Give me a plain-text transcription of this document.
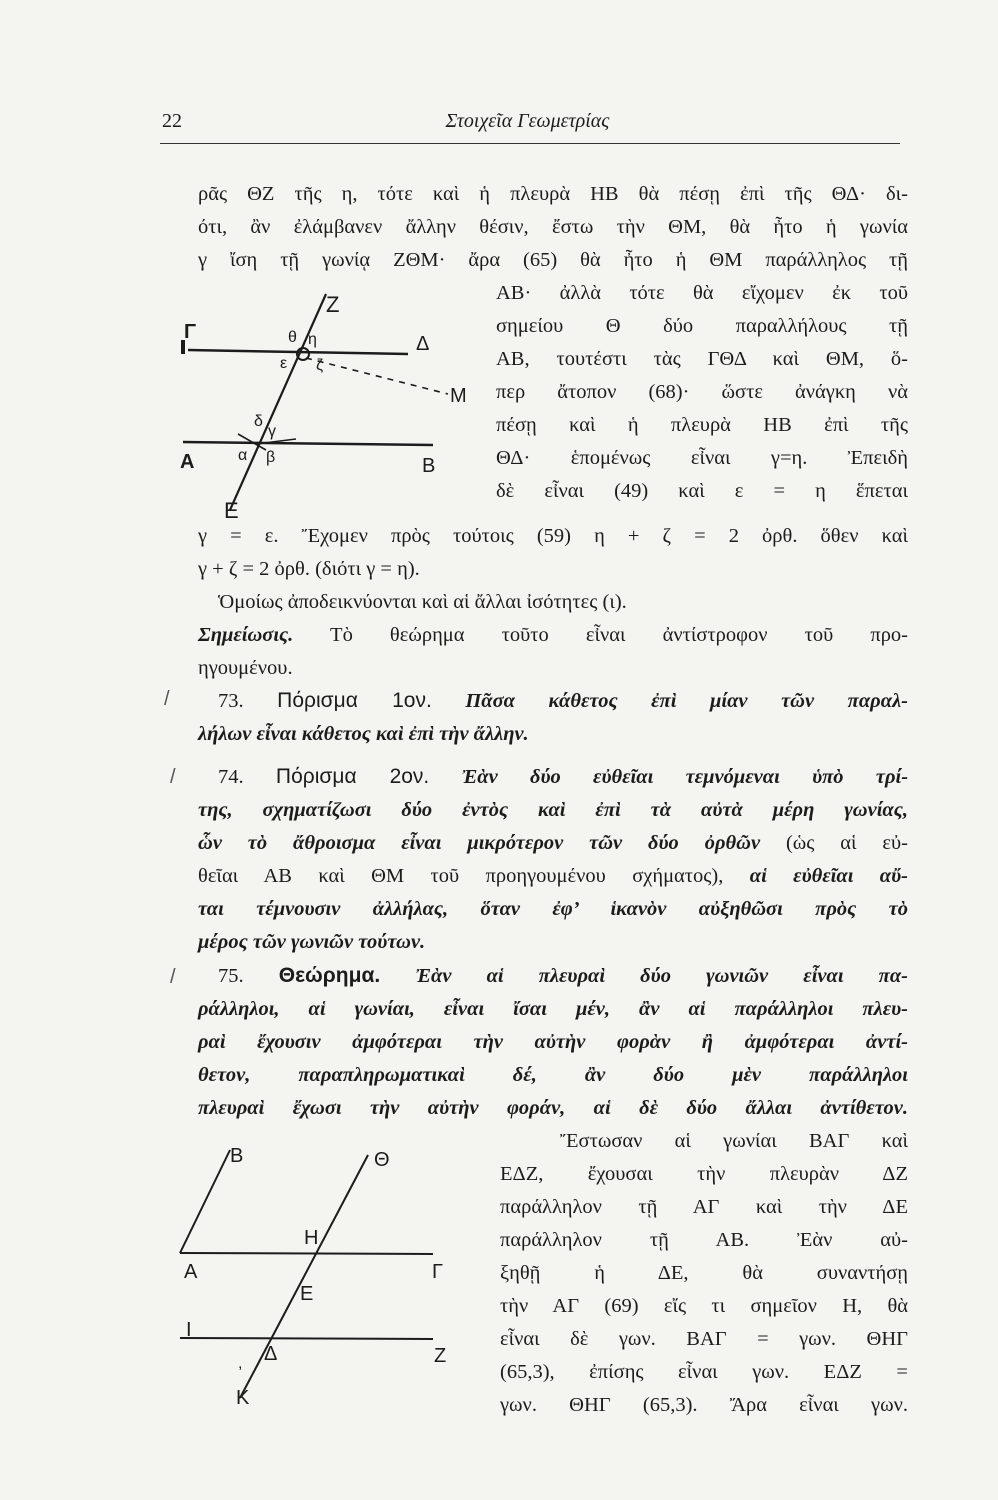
22	Στοιχεῖα Γεωμετρίας
ρᾶς ΘΖ τῆς η, τότε καὶ ἡ πλευρὰ ΗΒ θὰ πέσῃ ἐπὶ τῆς ΘΔ· δι-
ότι, ἂν ἐλάμβανεν ἄλλην θέσιν, ἔστω τὴν ΘΜ, θὰ ἦτο ἡ γωνία
γ ἴση τῇ γωνίᾳ ΖΘΜ· ἄρα (65) θὰ ἦτο ἡ ΘΜ παράλληλος τῇ
ΑΒ· ἀλλὰ τότε θὰ εἴχομεν ἐκ τοῦ
σημείου Θ δύο παραλλήλους τῇ
ΑΒ, τουτέστι τὰς ΓΘΔ καὶ ΘΜ, ὅ-
περ ἄτοπον (68)· ὥστε ἀνάγκη νὰ
πέσῃ καὶ ἡ πλευρὰ ΗΒ ἐπὶ τῆς
ΘΔ· ἑπομένως εἶναι γ=η. Ἐπειδὴ
δὲ εἶναι (49) καὶ ε = η ἕπεται
Z
Γ	θ η
ε ζ
Δ
M
δ
γ
A	α β	B
E
γ = ε. Ἔχομεν πρὸς τούτοις (59) η + ζ = 2 ὀρθ. ὅθεν καὶ
γ + ζ = 2 ὀρθ. (διότι γ = η).
Ὁμοίως ἀποδεικνύονται καὶ αἱ ἄλλαι ἰσότητες (ι).
Σημείωσις. Τὸ θεώρημα τοῦτο εἶναι ἀντίστροφον τοῦ προ-
ηγουμένου.
/ 73. Πόρισμα 1ον. Πᾶσα κάθετος ἐπὶ μίαν τῶν παραλ-
λήλων εἶναι κάθετος καὶ ἐπὶ τὴν ἄλλην.
/ 74. Πόρισμα 2ον. Ἐὰν δύο εὐθεῖαι τεμνόμεναι ὑπὸ τρί-
της, σχηματίζωσι δύο ἐντὸς καὶ ἐπὶ τὰ αὐτὰ μέρη γωνίας,
ὧν τὸ ἄθροισμα εἶναι μικρότερον τῶν δύο ὀρθῶν (ὡς αἱ εὐ-
θεῖαι ΑΒ καὶ ΘΜ τοῦ προηγουμένου σχήματος), αἱ εὐθεῖαι αὔ-
ται τέμνουσιν ἀλλήλας, ὅταν ἐφ’ ἱκανὸν αὐξηθῶσι πρὸς τὸ
μέρος τῶν γωνιῶν τούτων.
/ 75. Θεώρημα. Ἐὰν αἱ πλευραὶ δύο γωνιῶν εἶναι πα-
ράλληλοι, αἱ γωνίαι, εἶναι ἴσαι μέν, ἂν αἱ παράλληλοι πλευ-
ραὶ ἔχουσιν ἀμφότεραι τὴν αὐτὴν φορὰν ἢ ἀμφότεραι ἀντί-
θετον, παραπληρωματικαὶ δέ, ἂν δύο μὲν παράλληλοι
πλευραὶ ἔχωσι τὴν αὐτὴν φοράν, αἱ δὲ δύο ἄλλαι ἀντίθετον.
Ἔστωσαν αἱ γωνίαι ΒΑΓ καὶ
ΕΔΖ, ἔχουσαι τὴν πλευρὰν ΔΖ
παράλληλον τῇ ΑΓ καὶ τὴν ΔΕ
παράλληλον τῇ ΑΒ. Ἐὰν αὐ-
ξηθῇ ἡ ΔΕ, θὰ συναντήσῃ
τὴν ΑΓ (69) εἴς τι σημεῖον Η, θὰ
εἶναι δὲ γων. ΒΑΓ = γων. ΘΗΓ
(65,3), ἐπίσης εἶναι γων. ΕΔΖ =
γων. ΘΗΓ (65,3). Ἄρα εἶναι γων.
B	Θ
H
A	Γ
E
I
Δ
,	Z
K
